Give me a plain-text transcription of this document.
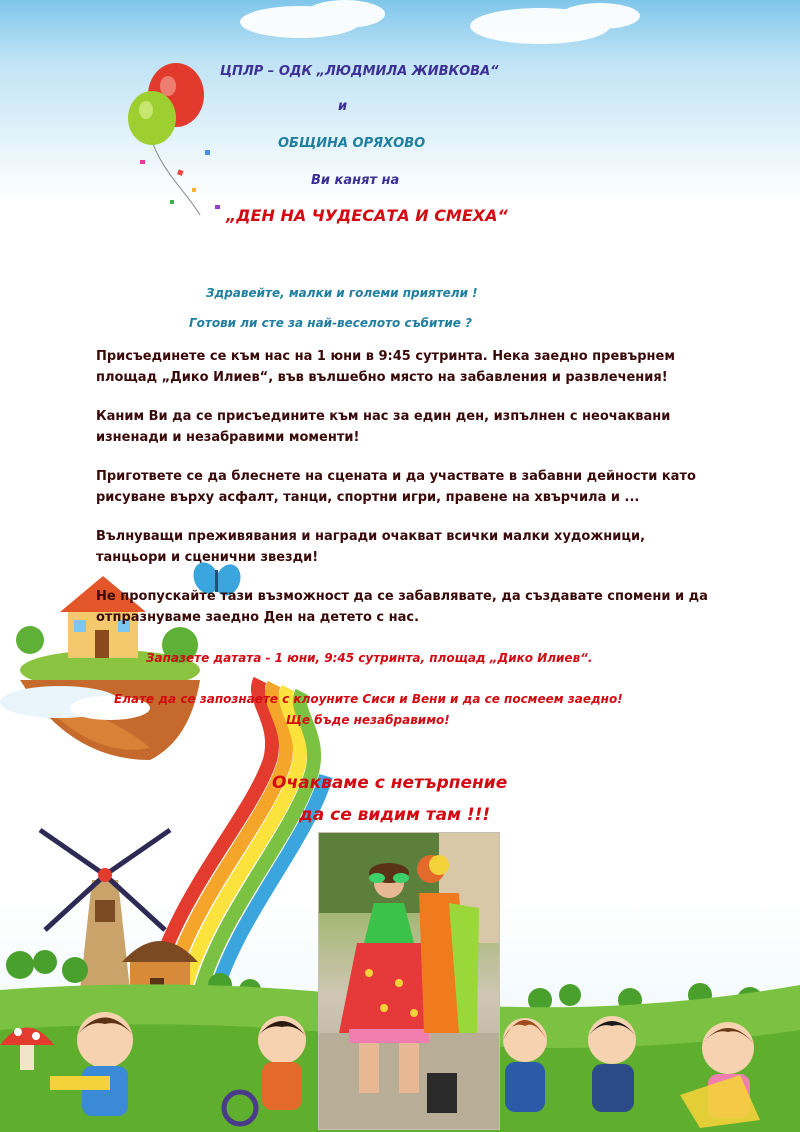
ЦПЛР – ОДК „ЛЮДМИЛА ЖИВКОВА“

и

ОБЩИНА ОРЯХОВО

Ви канят на

„ДЕН НА ЧУДЕСАТА И СМЕХА“

Здравейте, малки и големи приятели !

Готови ли сте за най-веселото събитие ?

Присъединете се към нас на 1 юни в 9:45 сутринта. Нека заедно превърнем
площад „Дико Илиев“, във вълшебно място на забавления и развлечения!
Каним Ви да се присъедините към нас за един ден, изпълнен с неочаквани
изненади и незабравими моменти!
Пригответе се да блеснете на сцената и да участвате в забавни дейности като
рисуване върху асфалт, танци, спортни игри, правене на хвърчила и ...
Вълнуващи преживявания и награди очакват всички малки художници,
танцьори и сценични звезди!
Не пропускайте тази възможност да се забавлявате, да създавате спомени и да
отпразнуваме заедно Ден на детето с нас.

Запазете датата - 1 юни, 9:45 сутринта, площад „Дико Илиев“.

Елате да се запознаете с клоуните Сиси и Вени и да се посмеем заедно!

Ще бъде незабравимо!

Очакваме с нетърпение

да се видим там !!!
